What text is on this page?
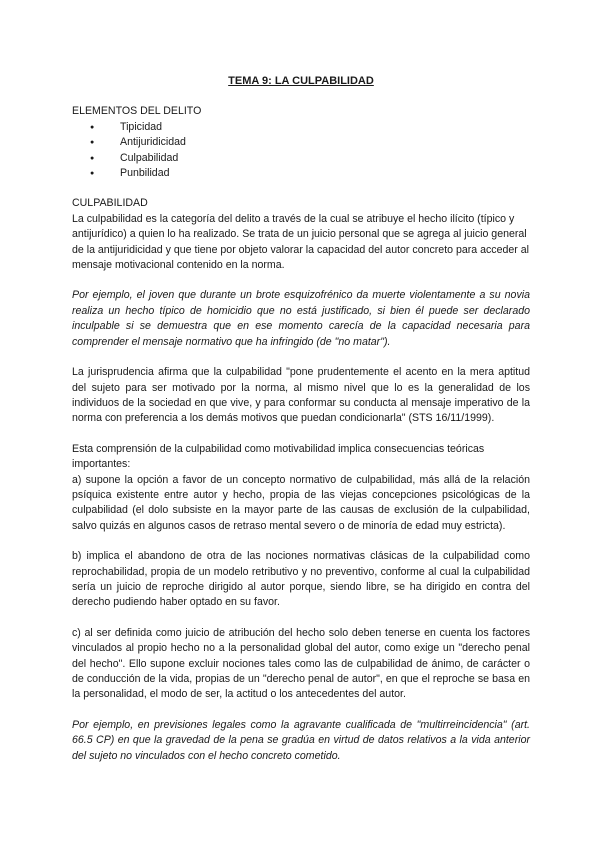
TEMA 9: LA CULPABILIDAD
ELEMENTOS DEL DELITO
● Tipicidad
● Antijuridicidad
● Culpabilidad
● Punbilidad
CULPABILIDAD

La culpabilidad es la categoría del delito a través de la cual se atribuye el hecho ilícito (típico y antijurídico) a quien lo ha realizado. Se trata de un juicio personal que se agrega al juicio general de la antijuridicidad y que tiene por objeto valorar la capacidad del autor concreto para acceder al mensaje motivacional contenido en la norma.

Por ejemplo, el joven que durante un brote esquizofrénico da muerte violentamente a su novia realiza un hecho típico de homicidio que no está justificado, si bien él puede ser declarado inculpable si se demuestra que en ese momento carecía de la capacidad necesaria para comprender el mensaje normativo que ha infringido (de "no matar").

La jurisprudencia afirma que la culpabilidad "pone prudentemente el acento en la mera aptitud del sujeto para ser motivado por la norma, al mismo nivel que lo es la generalidad de los individuos de la sociedad en que vive, y para conformar su conducta al mensaje imperativo de la norma con preferencia a los demás motivos que puedan condicionarla" (STS 16/11/1999).

Esta comprensión de la culpabilidad como motivabilidad implica consecuencias teóricas importantes:

a) supone la opción a favor de un concepto normativo de culpabilidad, más allá de la relación psíquica existente entre autor y hecho, propia de las viejas concepciones psicológicas de la culpabilidad (el dolo subsiste en la mayor parte de las causas de exclusión de la culpabilidad, salvo quizás en algunos casos de retraso mental severo o de minoría de edad muy estricta).

b) implica el abandono de otra de las nociones normativas clásicas de la culpabilidad como reprochabilidad, propia de un modelo retributivo y no preventivo, conforme al cual la culpabilidad sería un juicio de reproche dirigido al autor porque, siendo libre, se ha dirigido en contra del derecho pudiendo haber optado en su favor.

c) al ser definida como juicio de atribución del hecho solo deben tenerse en cuenta los factores vinculados al propio hecho no a la personalidad global del autor, como exige un "derecho penal del hecho". Ello supone excluir nociones tales como las de culpabilidad de ánimo, de carácter o de conducción de la vida, propias de un "derecho penal de autor", en que el reproche se basa en la personalidad, el modo de ser, la actitud o los antecedentes del autor.

Por ejemplo, en previsiones legales como la agravante cualificada de "multirreincidencia" (art. 66.5 CP) en que la gravedad de la pena se gradúa en virtud de datos relativos a la vida anterior del sujeto no vinculados con el hecho concreto cometido.
